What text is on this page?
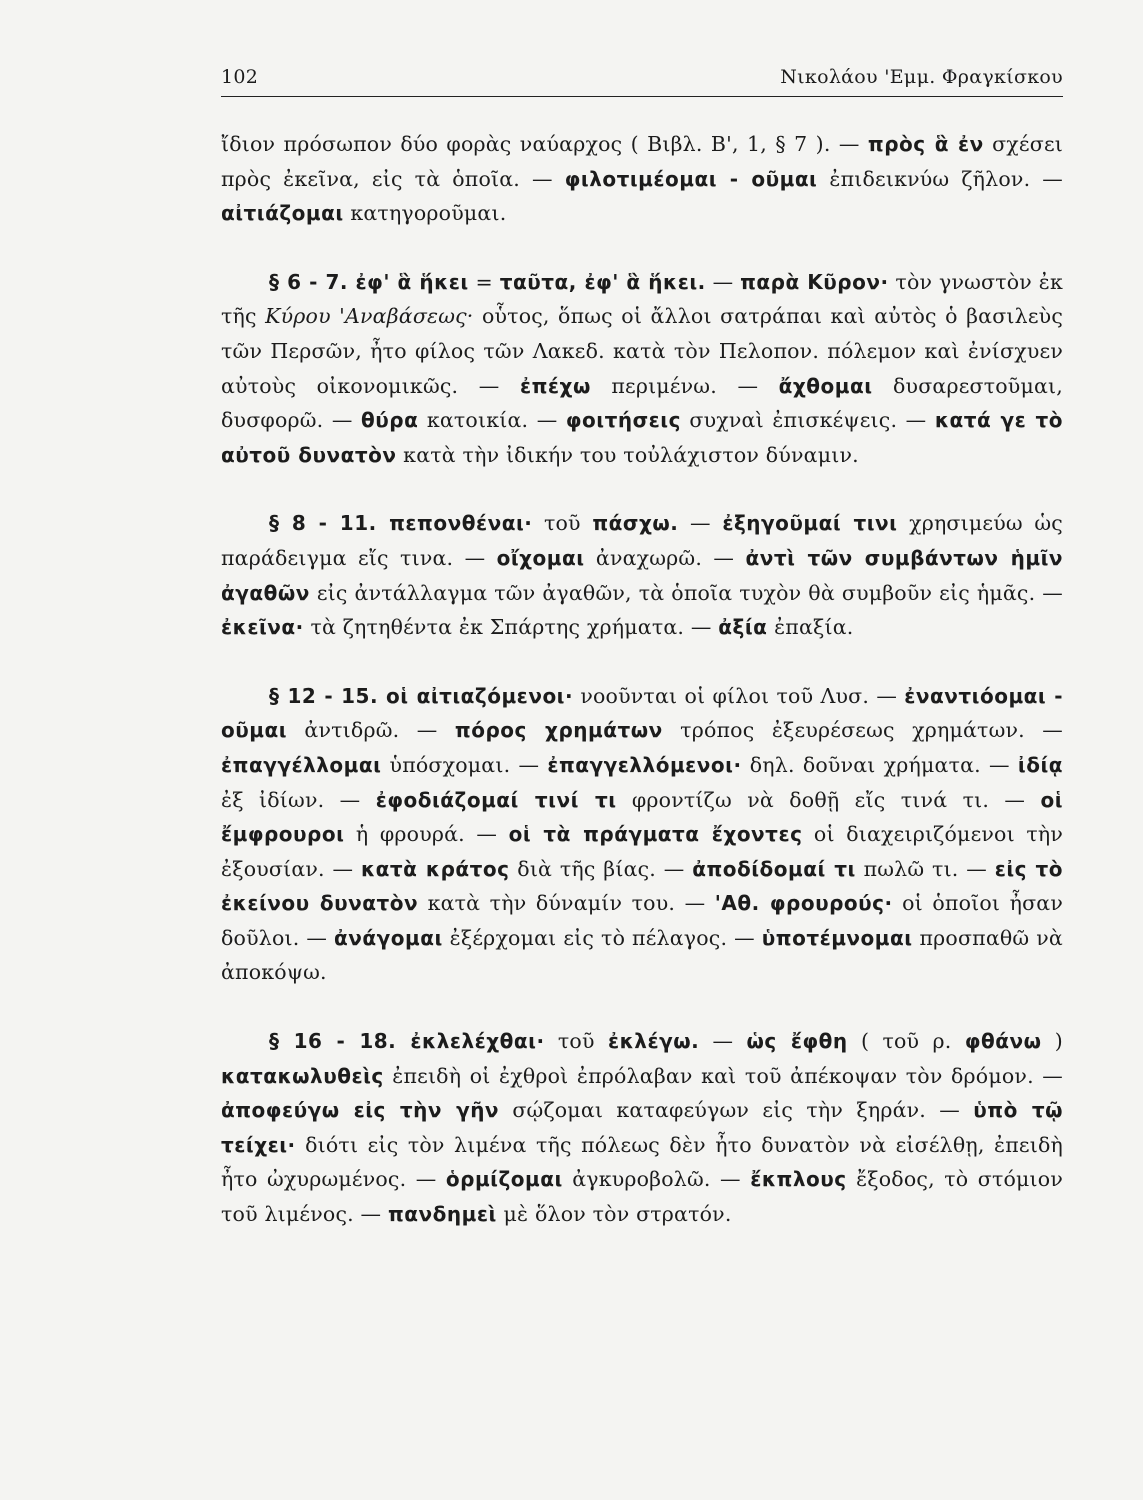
102	Νικολάου 'Εμμ. Φραγκίσκου

ἴδιον πρόσωπον δύο φορὰς ναύαρχος ( Βιβλ. Β', 1, § 7 ). — πρὸς ἃ ἐν σχέσει πρὸς ἐκεῖνα, εἰς τὰ ὁποῖα. — φιλοτιμέομαι - οῦμαι ἐπιδεικνύω ζῆλον. — αἰτιάζομαι κατηγοροῦμαι.

§ 6 - 7. ἐφ' ἃ ἥκει = ταῦτα, ἐφ' ἃ ἥκει. — παρὰ Κῦρον· τὸν γνωστὸν ἐκ τῆς Κύρου 'Αναβάσεως· οὗτος, ὅπως οἱ ἄλλοι σατράπαι καὶ αὐτὸς ὁ βασιλεὺς τῶν Περσῶν, ἦτο φίλος τῶν Λακεδ. κατὰ τὸν Πελοπον. πόλεμον καὶ ἐνίσχυεν αὐτοὺς οἰκονομικῶς. — ἐπέχω περιμένω. — ἄχθομαι δυσαρεστοῦμαι, δυσφορῶ. — θύρα κατοικία. — φοιτήσεις συχναὶ ἐπισκέψεις. — κατά γε τὸ αὐτοῦ δυνατὸν κατὰ τὴν ἰδικήν του τοὐλάχιστον δύναμιν.

§ 8 - 11. πεπονθέναι· τοῦ πάσχω. — ἐξηγοῦμαί τινι χρησιμεύω ὡς παράδειγμα εἴς τινα. — οἴχομαι ἀναχωρῶ. — ἀντὶ τῶν συμβάντων ἡμῖν ἀγαθῶν εἰς ἀντάλλαγμα τῶν ἀγαθῶν, τὰ ὁποῖα τυχὸν θὰ συμβοῦν εἰς ἡμᾶς. — ἐκεῖνα· τὰ ζητηθέντα ἐκ Σπάρτης χρήματα. — ἀξία ἐπαξία.

§ 12 - 15. οἱ αἰτιαζόμενοι· νοοῦνται οἱ φίλοι τοῦ Λυσ. — ἐναντιόομαι - οῦμαι ἀντιδρῶ. — πόρος χρημάτων τρόπος ἐξευρέσεως χρημάτων. — ἐπαγγέλλομαι ὑπόσχομαι. — ἐπαγγελλόμενοι· δηλ. δοῦναι χρήματα. — ἰδίᾳ ἐξ ἰδίων. — ἐφοδιάζομαί τινί τι φροντίζω νὰ δοθῇ εἴς τινά τι. — οἱ ἔμφρουροι ἡ φρουρά. — οἱ τὰ πράγματα ἔχοντες οἱ διαχειριζόμενοι τὴν ἐξουσίαν. — κατὰ κράτος διὰ τῆς βίας. — ἀποδίδομαί τι πωλῶ τι. — εἰς τὸ ἐκείνου δυνατὸν κατὰ τὴν δύναμίν του. — 'Αθ. φρουρούς· οἱ ὁποῖοι ἦσαν δοῦλοι. — ἀνάγομαι ἐξέρχομαι εἰς τὸ πέλαγος. — ὑποτέμνομαι προσπαθῶ νὰ ἀποκόψω.

§ 16 - 18. ἐκλελέχθαι· τοῦ ἐκλέγω. — ὡς ἔφθη ( τοῦ ρ. φθάνω ) κατακωλυθεὶς ἐπειδὴ οἱ ἐχθροὶ ἐπρόλαβαν καὶ τοῦ ἀπέκοψαν τὸν δρόμον. — ἀποφεύγω εἰς τὴν γῆν σῴζομαι καταφεύγων εἰς τὴν ξηράν. — ὑπὸ τῷ τείχει· διότι εἰς τὸν λιμένα τῆς πόλεως δὲν ἦτο δυνατὸν νὰ εἰσέλθῃ, ἐπειδὴ ἦτο ὠχυρωμένος. — ὁρμίζομαι ἀγκυροβολῶ. — ἔκπλους ἔξοδος, τὸ στόμιον τοῦ λιμένος. — πανδημεὶ μὲ ὅλον τὸν στρατόν.
